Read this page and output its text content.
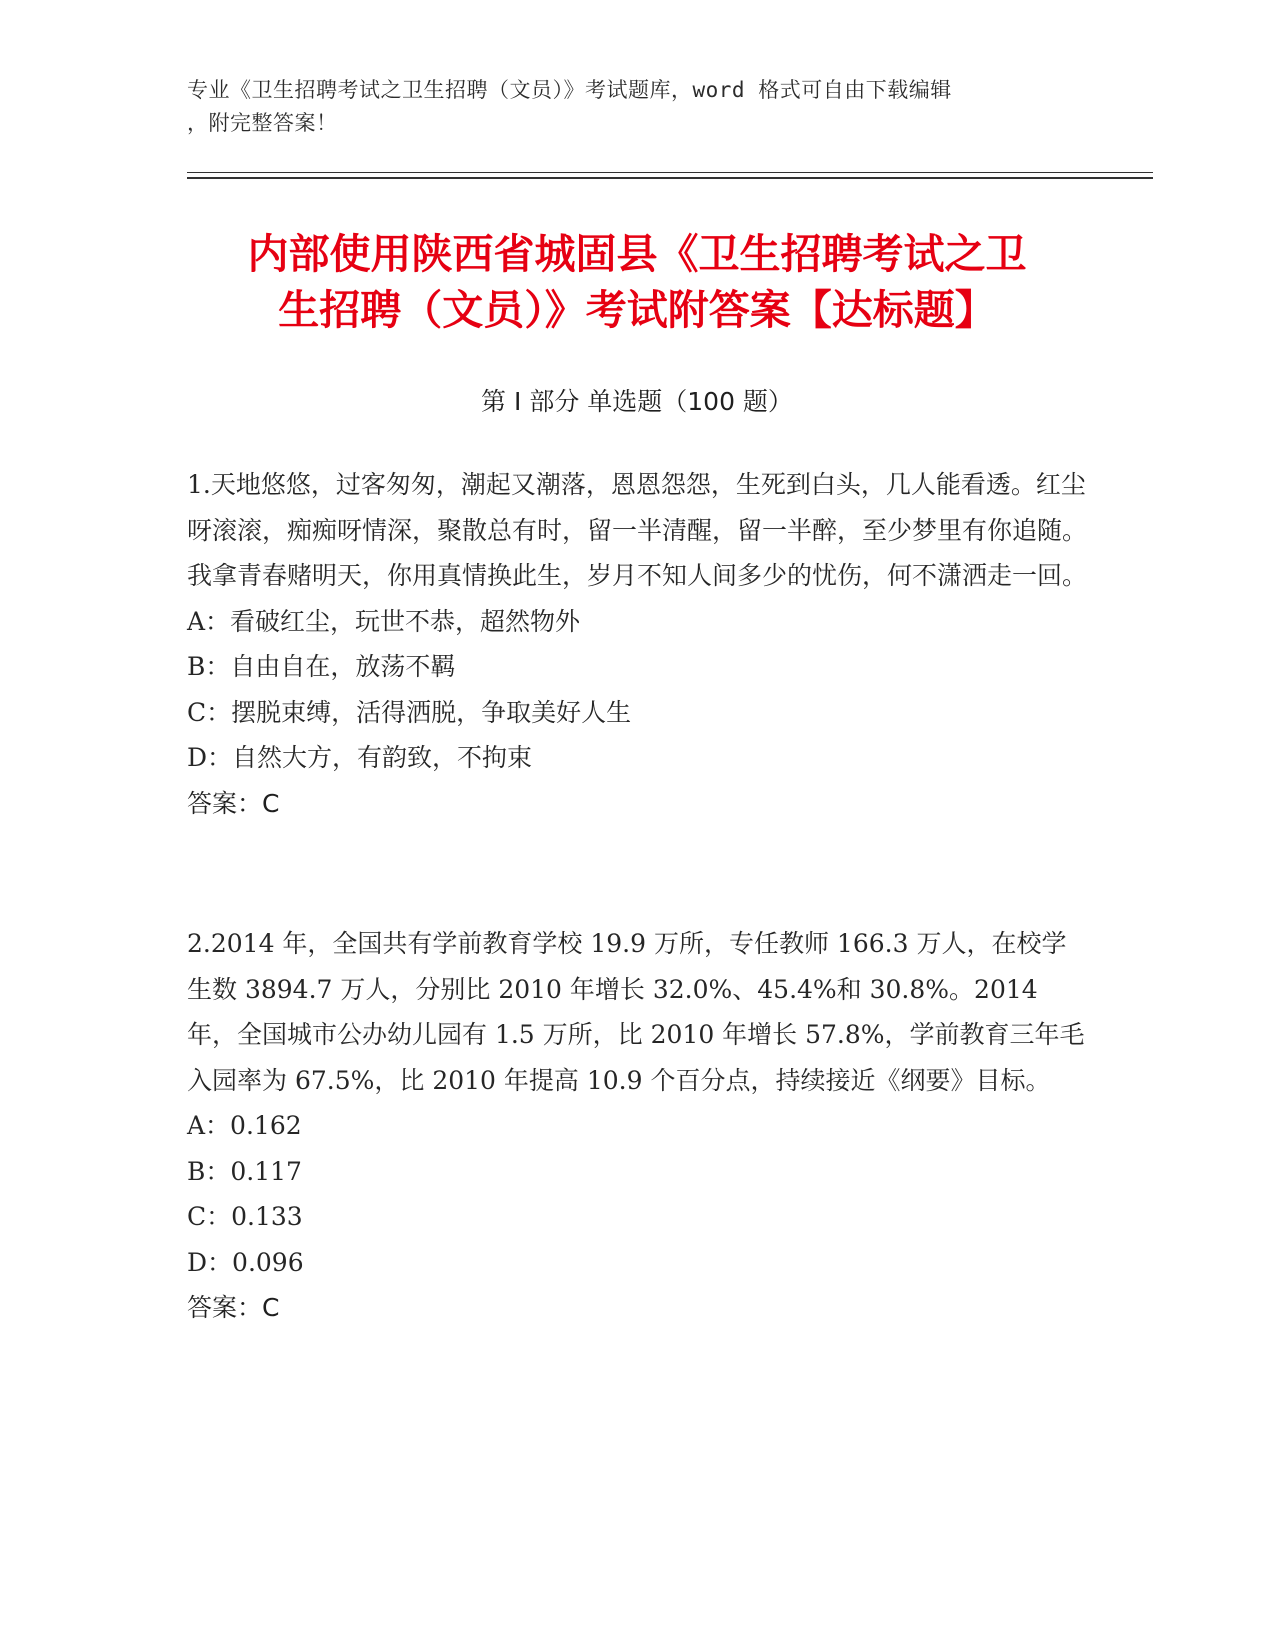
专业《卫生招聘考试之卫生招聘（文员）》考试题库，word 格式可自由下载编辑
，附完整答案！
内部使用陕西省城固县《卫生招聘考试之卫
生招聘（文员）》考试附答案【达标题】
第 I 部分 单选题（100 题）

1.天地悠悠，过客匆匆，潮起又潮落，恩恩怨怨，生死到白头，几人能看透。红尘呀滚滚，痴痴呀情深，聚散总有时，留一半清醒，留一半醉，至少梦里有你追随。我拿青春赌明天，你用真情换此生，岁月不知人间多少的忧伤，何不潇洒走一回。

A：看破红尘，玩世不恭，超然物外

B：自由自在，放荡不羁

C：摆脱束缚，活得洒脱，争取美好人生

D：自然大方，有韵致，不拘束

答案：C

2.2014 年，全国共有学前教育学校 19.9 万所，专任教师 166.3 万人，在校学生数 3894.7 万人，分别比 2010 年增长 32.0%、45.4%和 30.8%。2014 年，全国城市公办幼儿园有 1.5 万所，比 2010 年增长 57.8%，学前教育三年毛入园率为 67.5%，比 2010 年提高 10.9 个百分点，持续接近《纲要》目标。

A：0.162

B：0.117

C：0.133

D：0.096

答案：C
